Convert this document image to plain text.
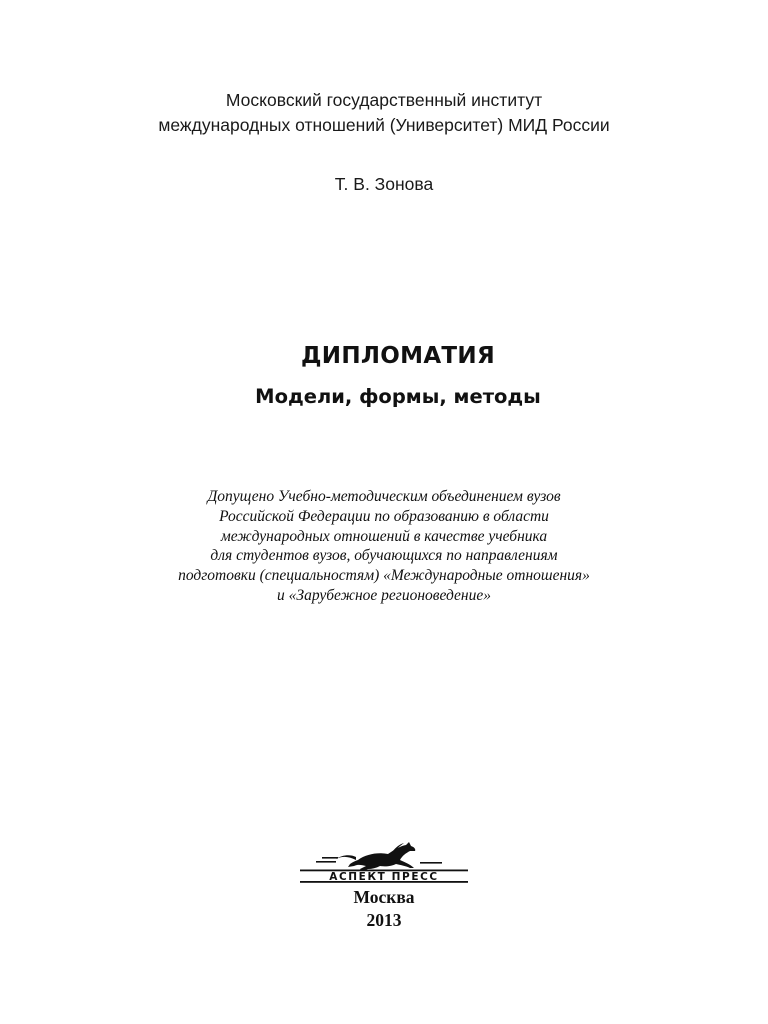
Московский государственный институт
международных отношений (Университет) МИД России
Т. В. Зонова
ДИПЛОМАТИЯ
Модели, формы, методы
Допущено Учебно-методическим объединением вузов
Российской Федерации по образованию в области
международных отношений в качестве учебника
для студентов вузов, обучающихся по направлениям
подготовки (специальностям) «Международные отношения»
и «Зарубежное регионоведение»
АСПЕКТ ПРЕСС
Москва
2013
